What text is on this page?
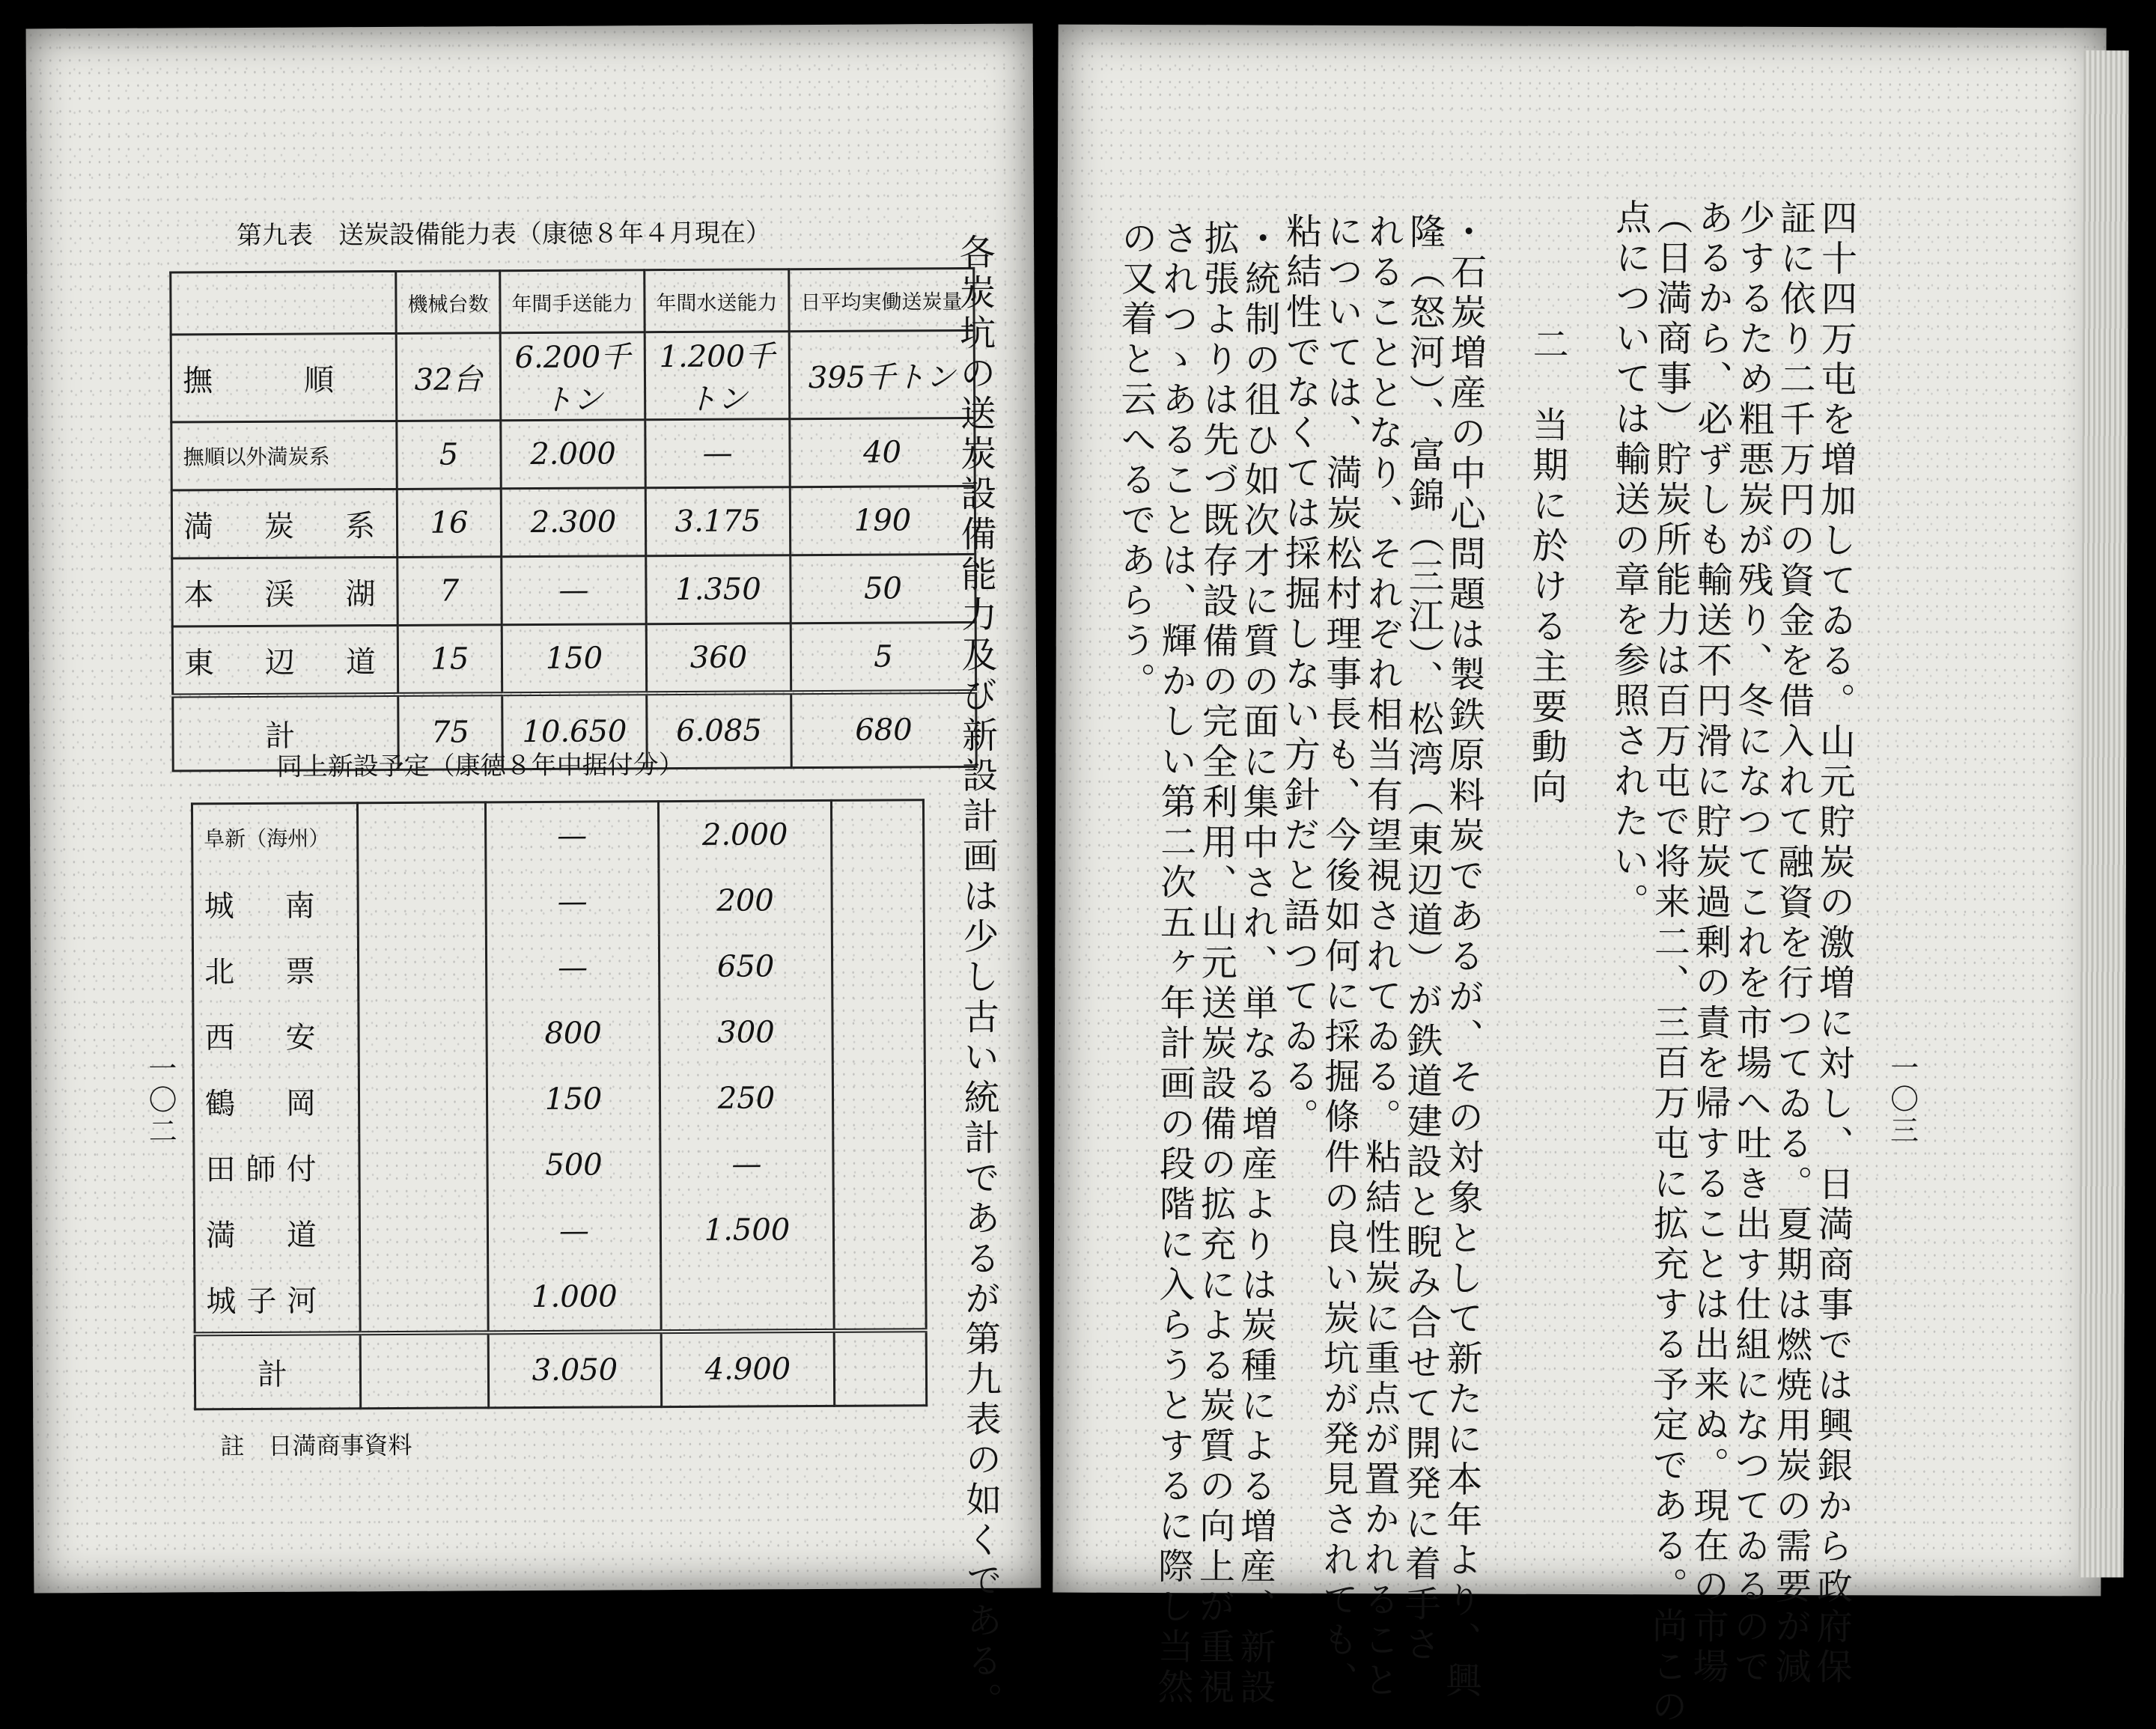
第九表　送炭設備能力表（康徳８年４月現在）
	機械台数	年間手送能力	年間水送能力	日平均実働送炭量
撫　　順	32台	6.200千トン	1.200千トン	395千トン
撫順以外満炭系	5	2.000	—	40
満　炭　系	16	2.300	3.175	190
本　渓　湖	7	—	1.350	50
東　辺　道	15	150	360	5
計	75	10.650	6.085	680
同上新設予定（康徳８年中据付分）
阜新（海州）		—	2.000	
城　南		—	200	
北　票		—	650	
西　安		800	300	
鶴　岡		150	250	
田師付		500	—	
満　道		—	1.500	
城子河		1.000		
計		3.050	4.900	
註　日満商事資料	各炭坑の送炭設備能力及び新設計画は少し古い統計であるが第九表の如くである。
一〇二	一〇三
四十四万屯を増加してゐる。山元貯炭の激増に対し、日満商事では興銀から政府保
証に依り二千万円の資金を借入れて融資を行つてゐる。夏期は燃焼用炭の需要が減
少するため粗悪炭が残り、冬になつてこれを市場へ吐き出す仕組になつてゐるので
あるから、必ずしも輸送不円滑に貯炭過剰の責を帰することは出来ぬ。現在の市場
（日満商事）貯炭所能力は百万屯で将来二、三百万屯に拡充する予定である。尚この
点については輸送の章を参照されたい。
二　当期に於ける主要動向
・石炭増産の中心問題は製鉄原料炭であるが、その対象として新たに本年より、興
隆（怒河）、富錦（三江）、松湾（東辺道）が鉄道建設と睨み合せて開発に着手さ
れることとなり、それぞれ相当有望視されてゐる。粘結性炭に重点が置かれること
については、満炭松村理事長も、今後如何に採掘條件の良い炭坑が発見されても、
粘結性でなくては採掘しない方針だと語つてゐる。
・統制の徂ひ如次才に質の面に集中され、単なる増産よりは炭種による増産、新設
拡張よりは先づ既存設備の完全利用、山元送炭設備の拡充による炭質の向上が重視
されつゝあることは、輝かしい第二次五ヶ年計画の段階に入らうとするに際し当然
の又着と云へるであらう。
